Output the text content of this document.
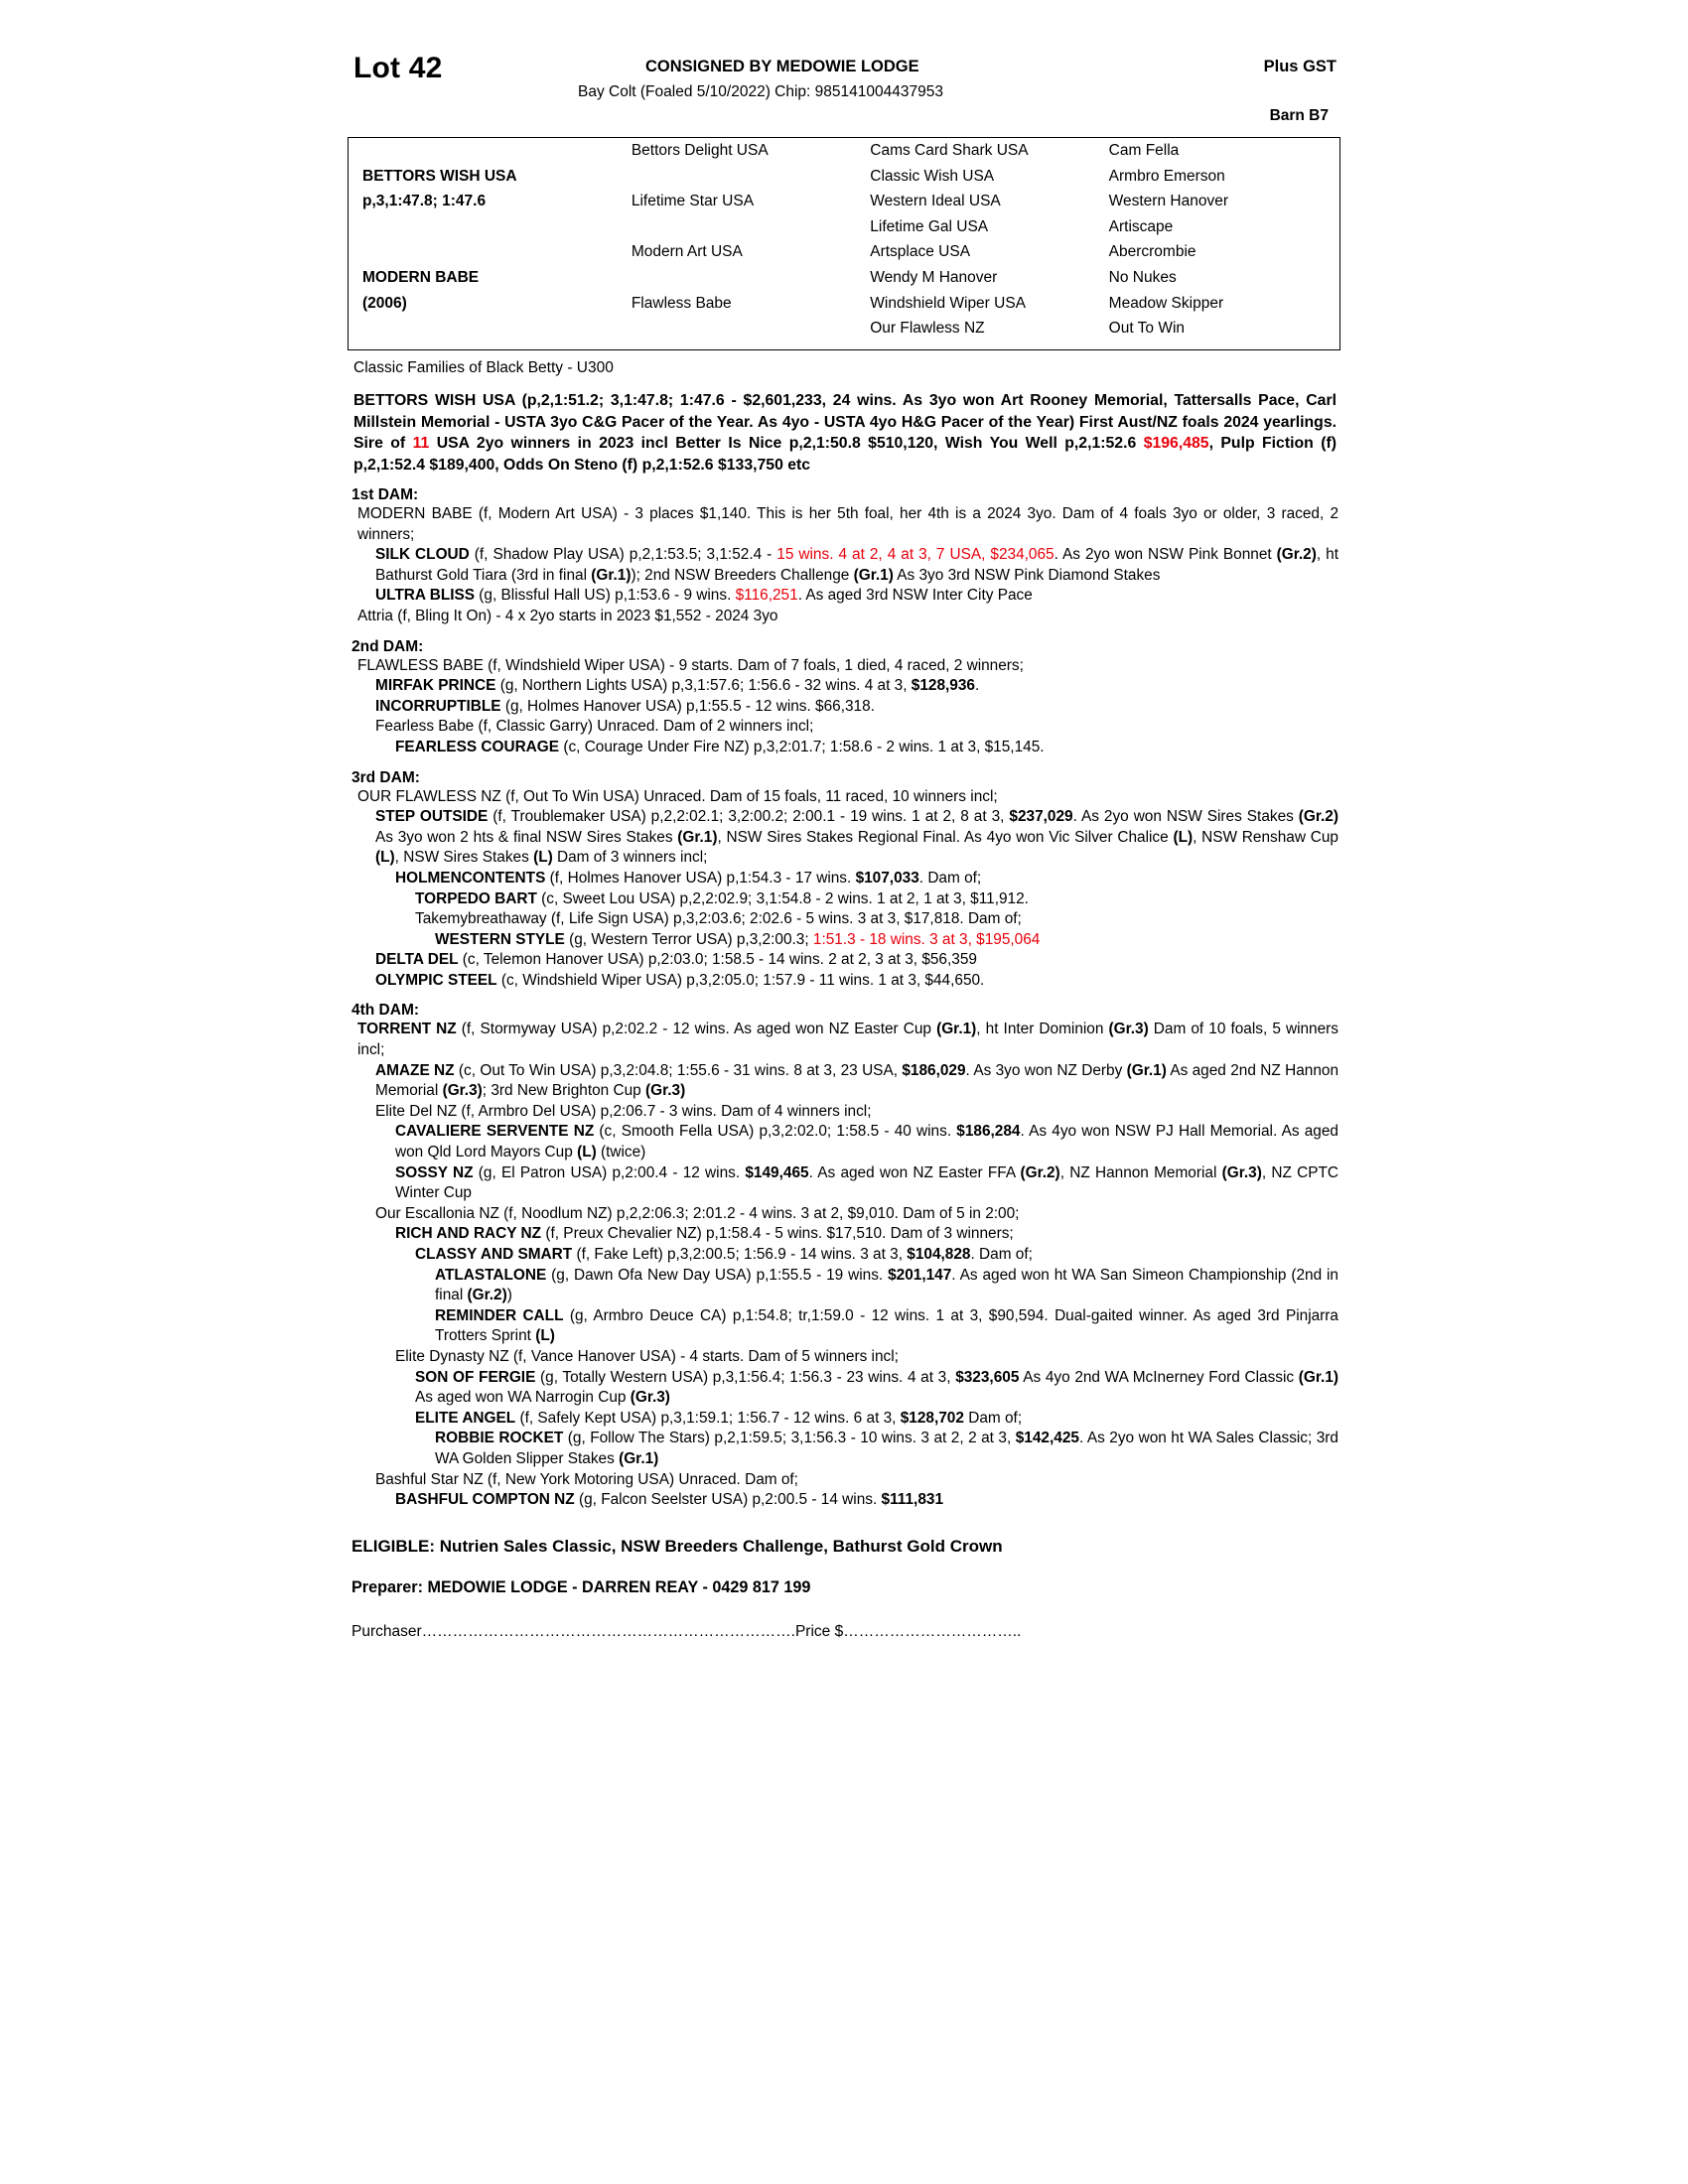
Lot 42	CONSIGNED BY MEDOWIE LODGE	Plus GST
Bay Colt (Foaled 5/10/2022) Chip: 985141004437953
Barn B7
	Bettors Delight USA	Cams Card Shark USA	Cam Fella
BETTORS WISH USA		Classic Wish USA	Armbro Emerson
p,3,1:47.8; 1:47.6	Lifetime Star USA	Western Ideal USA	Western Hanover
		Lifetime Gal USA	Artiscape
	Modern Art USA	Artsplace USA	Abercrombie
MODERN BABE		Wendy M Hanover	No Nukes
(2006)	Flawless Babe	Windshield Wiper USA	Meadow Skipper
		Our Flawless NZ	Out To Win
Classic Families of Black Betty - U300
BETTORS WISH USA (p,2,1:51.2; 3,1:47.8; 1:47.6 - $2,601,233, 24 wins. As 3yo won Art Rooney Memorial, Tattersalls Pace, Carl Millstein Memorial - USTA 3yo C&G Pacer of the Year. As 4yo - USTA 4yo H&G Pacer of the Year) First Aust/NZ foals 2024 yearlings. Sire of 11 USA 2yo winners in 2023 incl Better Is Nice p,2,1:50.8 $510,120, Wish You Well p,2,1:52.6 $196,485, Pulp Fiction (f) p,2,1:52.4 $189,400, Odds On Steno (f) p,2,1:52.6 $133,750 etc
1st DAM:
MODERN BABE (f, Modern Art USA) - 3 places $1,140. This is her 5th foal, her 4th is a 2024 3yo. Dam of 4 foals 3yo or older, 3 raced, 2 winners;
SILK CLOUD (f, Shadow Play USA) p,2,1:53.5; 3,1:52.4 - 15 wins. 4 at 2, 4 at 3, 7 USA, $234,065. As 2yo won NSW Pink Bonnet (Gr.2), ht Bathurst Gold Tiara (3rd in final (Gr.1)); 2nd NSW Breeders Challenge (Gr.1) As 3yo 3rd NSW Pink Diamond Stakes
ULTRA BLISS (g, Blissful Hall US) p,1:53.6 - 9 wins. $116,251. As aged 3rd NSW Inter City Pace
Attria (f, Bling It On) - 4 x 2yo starts in 2023 $1,552 - 2024 3yo
2nd DAM:
FLAWLESS BABE (f, Windshield Wiper USA) - 9 starts. Dam of 7 foals, 1 died, 4 raced, 2 winners;
MIRFAK PRINCE (g, Northern Lights USA) p,3,1:57.6; 1:56.6 - 32 wins. 4 at 3, $128,936.
INCORRUPTIBLE (g, Holmes Hanover USA) p,1:55.5 - 12 wins. $66,318.
Fearless Babe (f, Classic Garry) Unraced. Dam of 2 winners incl;
FEARLESS COURAGE (c, Courage Under Fire NZ) p,3,2:01.7; 1:58.6 - 2 wins. 1 at 3, $15,145.
3rd DAM:
OUR FLAWLESS NZ (f, Out To Win USA) Unraced. Dam of 15 foals, 11 raced, 10 winners incl;
STEP OUTSIDE (f, Troublemaker USA) p,2,2:02.1; 3,2:00.2; 2:00.1 - 19 wins. 1 at 2, 8 at 3, $237,029. As 2yo won NSW Sires Stakes (Gr.2) As 3yo won 2 hts & final NSW Sires Stakes (Gr.1), NSW Sires Stakes Regional Final. As 4yo won Vic Silver Chalice (L), NSW Renshaw Cup (L), NSW Sires Stakes (L) Dam of 3 winners incl;
HOLMENCONTENTS (f, Holmes Hanover USA) p,1:54.3 - 17 wins. $107,033. Dam of;
TORPEDO BART (c, Sweet Lou USA) p,2,2:02.9; 3,1:54.8 - 2 wins. 1 at 2, 1 at 3, $11,912.
Takemybreathaway (f, Life Sign USA) p,3,2:03.6; 2:02.6 - 5 wins. 3 at 3, $17,818. Dam of;
WESTERN STYLE (g, Western Terror USA) p,3,2:00.3; 1:51.3 - 18 wins. 3 at 3, $195,064
DELTA DEL (c, Telemon Hanover USA) p,2:03.0; 1:58.5 - 14 wins. 2 at 2, 3 at 3, $56,359
OLYMPIC STEEL (c, Windshield Wiper USA) p,3,2:05.0; 1:57.9 - 11 wins. 1 at 3, $44,650.
4th DAM:
TORRENT NZ (f, Stormyway USA) p,2:02.2 - 12 wins. As aged won NZ Easter Cup (Gr.1), ht Inter Dominion (Gr.3) Dam of 10 foals, 5 winners incl;
AMAZE NZ (c, Out To Win USA) p,3,2:04.8; 1:55.6 - 31 wins. 8 at 3, 23 USA, $186,029. As 3yo won NZ Derby (Gr.1) As aged 2nd NZ Hannon Memorial (Gr.3); 3rd New Brighton Cup (Gr.3)
Elite Del NZ (f, Armbro Del USA) p,2:06.7 - 3 wins. Dam of 4 winners incl;
CAVALIERE SERVENTE NZ (c, Smooth Fella USA) p,3,2:02.0; 1:58.5 - 40 wins. $186,284. As 4yo won NSW PJ Hall Memorial. As aged won Qld Lord Mayors Cup (L) (twice)
SOSSY NZ (g, El Patron USA) p,2:00.4 - 12 wins. $149,465. As aged won NZ Easter FFA (Gr.2), NZ Hannon Memorial (Gr.3), NZ CPTC Winter Cup
Our Escallonia NZ (f, Noodlum NZ) p,2,2:06.3; 2:01.2 - 4 wins. 3 at 2, $9,010. Dam of 5 in 2:00;
RICH AND RACY NZ (f, Preux Chevalier NZ) p,1:58.4 - 5 wins. $17,510. Dam of 3 winners;
CLASSY AND SMART (f, Fake Left) p,3,2:00.5; 1:56.9 - 14 wins. 3 at 3, $104,828. Dam of;
ATLASTALONE (g, Dawn Ofa New Day USA) p,1:55.5 - 19 wins. $201,147. As aged won ht WA San Simeon Championship (2nd in final (Gr.2))
REMINDER CALL (g, Armbro Deuce CA) p,1:54.8; tr,1:59.0 - 12 wins. 1 at 3, $90,594. Dual-gaited winner. As aged 3rd Pinjarra Trotters Sprint (L)
Elite Dynasty NZ (f, Vance Hanover USA) - 4 starts. Dam of 5 winners incl;
SON OF FERGIE (g, Totally Western USA) p,3,1:56.4; 1:56.3 - 23 wins. 4 at 3, $323,605 As 4yo 2nd WA McInerney Ford Classic (Gr.1) As aged won WA Narrogin Cup (Gr.3)
ELITE ANGEL (f, Safely Kept USA) p,3,1:59.1; 1:56.7 - 12 wins. 6 at 3, $128,702 Dam of;
ROBBIE ROCKET (g, Follow The Stars) p,2,1:59.5; 3,1:56.3 - 10 wins. 3 at 2, 2 at 3, $142,425. As 2yo won ht WA Sales Classic; 3rd WA Golden Slipper Stakes (Gr.1)
Bashful Star NZ (f, New York Motoring USA) Unraced. Dam of;
BASHFUL COMPTON NZ (g, Falcon Seelster USA) p,2:00.5 - 14 wins. $111,831
ELIGIBLE: Nutrien Sales Classic, NSW Breeders Challenge, Bathurst Gold Crown
Preparer: MEDOWIE LODGE - DARREN REAY - 0429 817 199
Purchaser……………………………………………………………….Price $……………………………..
